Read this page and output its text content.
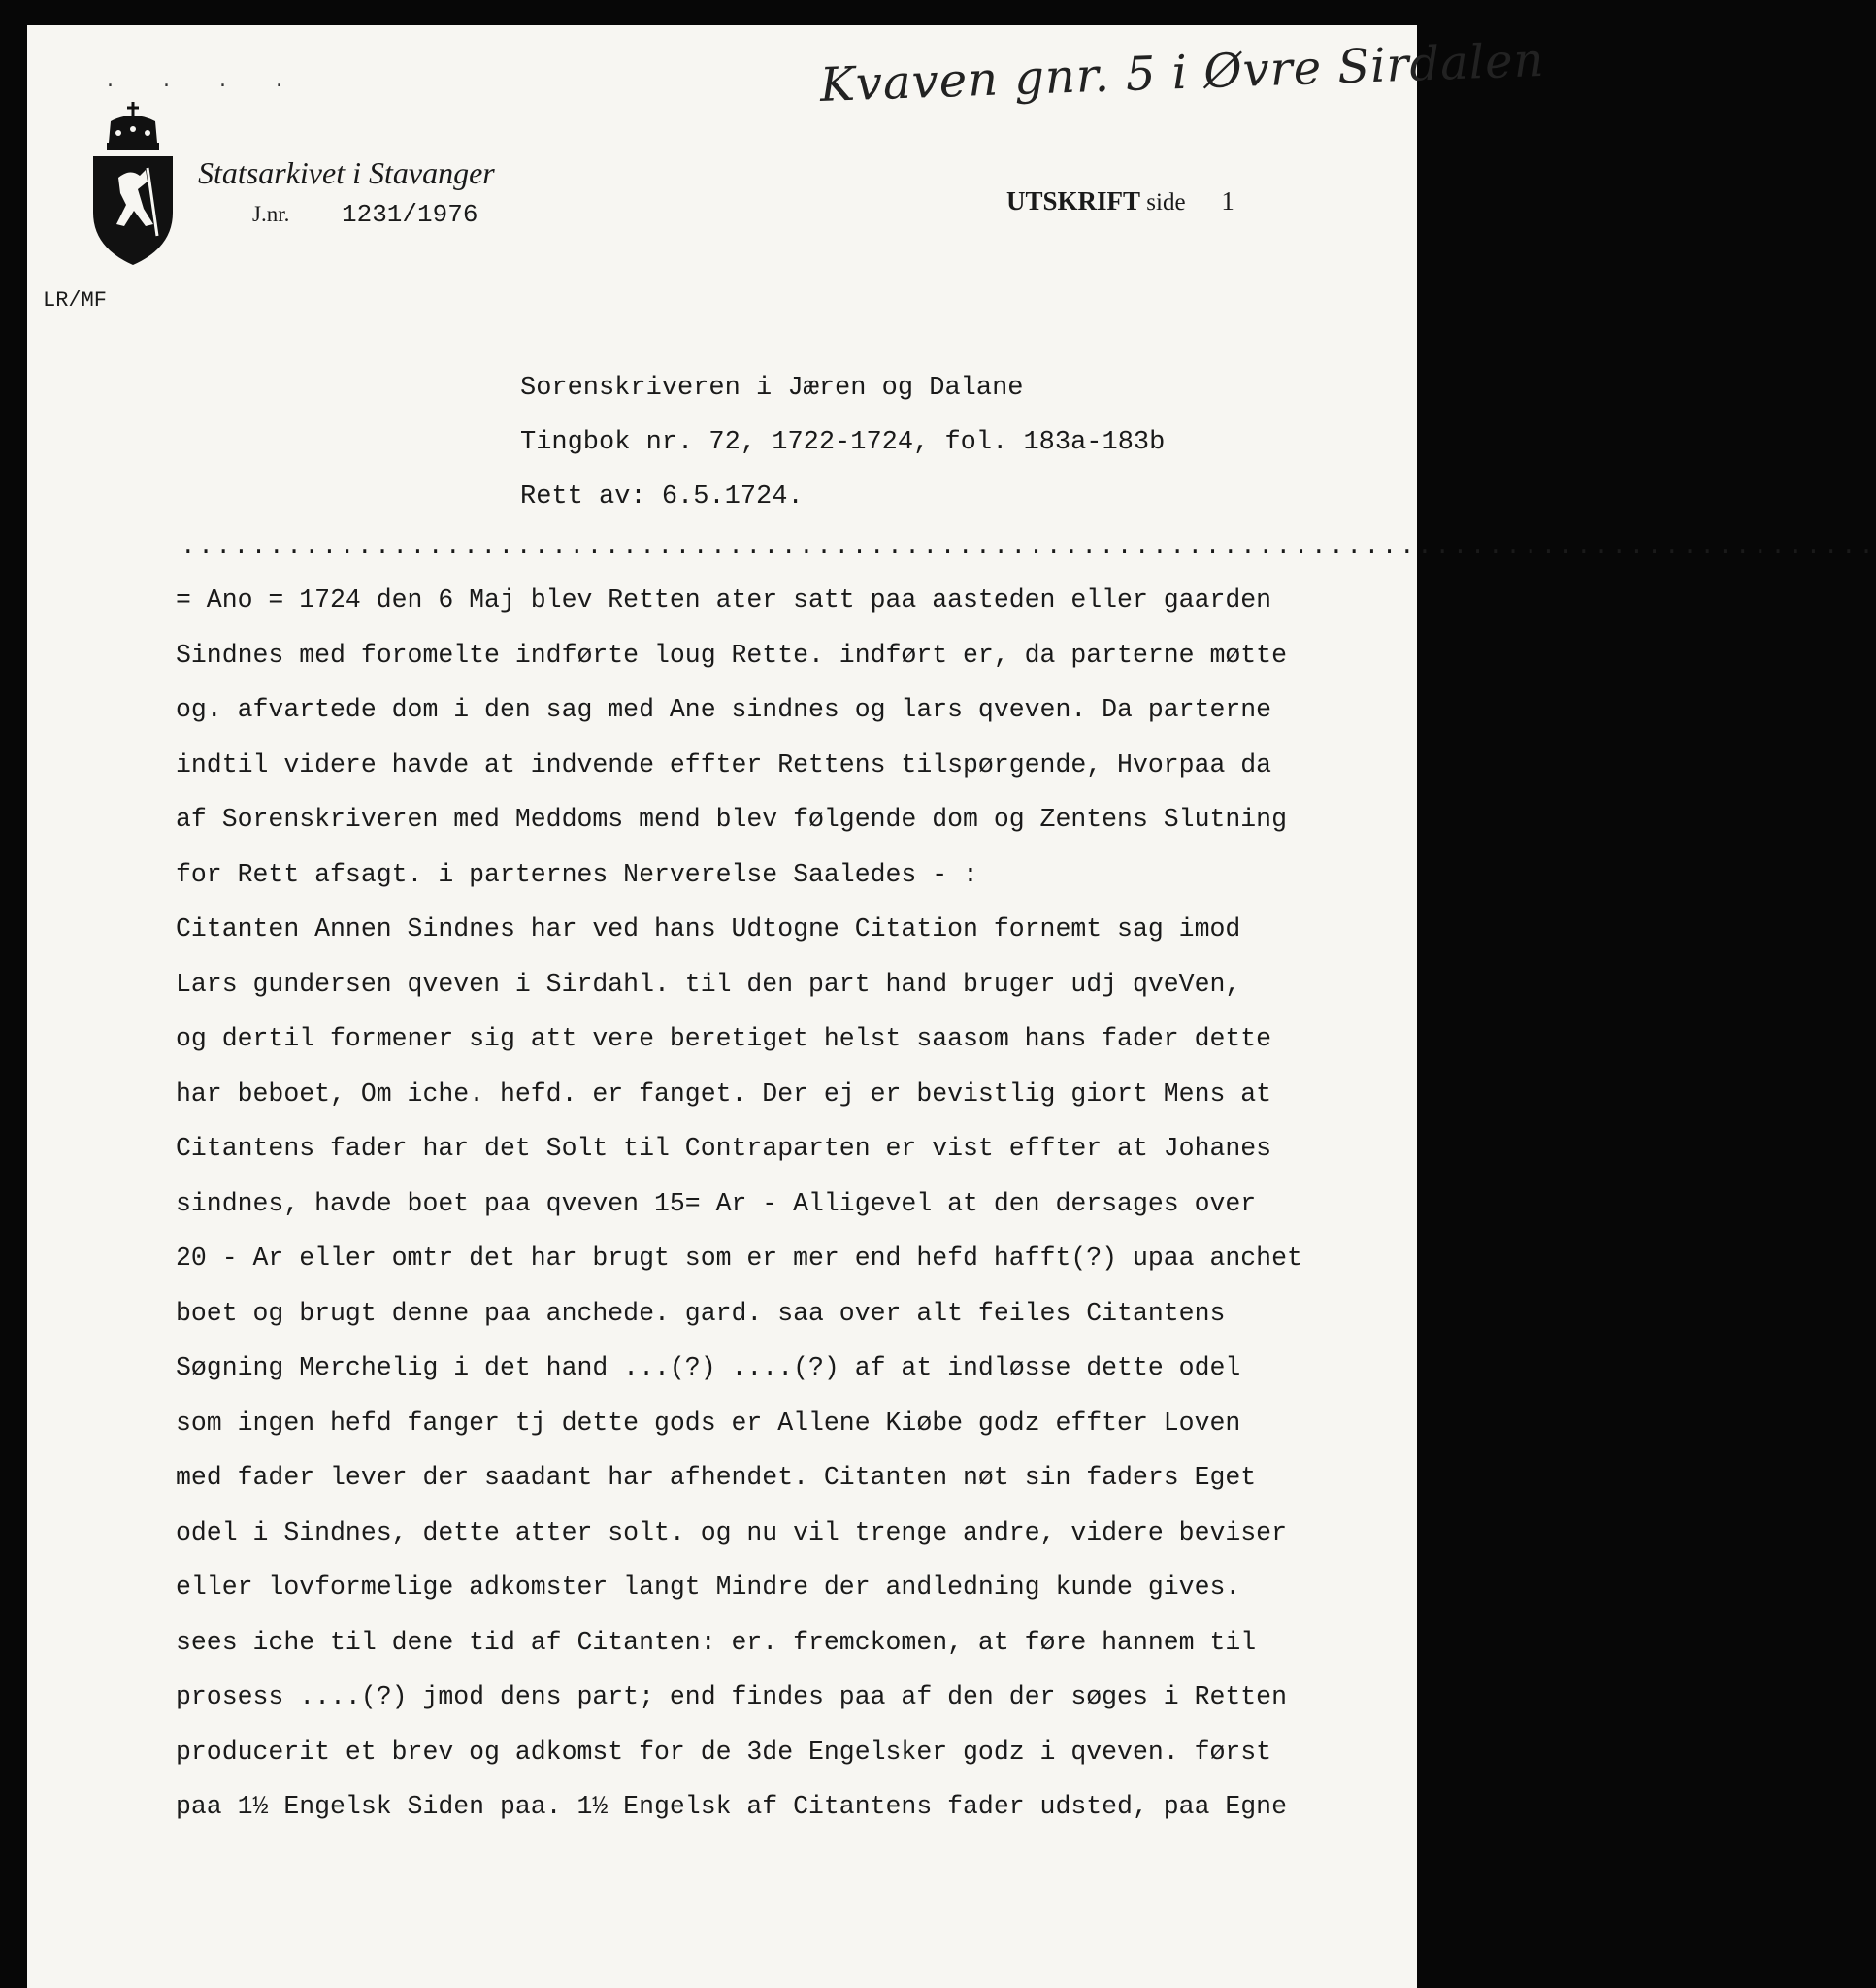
. . . .	Kvaven gnr. 5 i Øvre Sirdalen
Statsarkivet i Stavanger
J.nr. 1231/1976	UTSKRIFT side 1
LR/MF
Sorenskriveren i Jæren og Dalane
Tingbok nr. 72, 1722-1724, fol. 183a-183b
Rett av: 6.5.1724.
................................................................................................
= Ano = 1724 den 6 Maj blev Retten ater satt paa aasteden eller gaarden
Sindnes med foromelte indførte loug Rette. indført er, da parterne møtte
og. afvartede dom i den sag med Ane sindnes og lars qveven. Da parterne
indtil videre havde at indvende effter Rettens tilspørgende, Hvorpaa da
af Sorenskriveren med Meddoms mend blev følgende dom og Zentens Slutning
for Rett afsagt. i parternes Nerverelse Saaledes - :
Citanten Annen Sindnes har ved hans Udtogne Citation fornemt sag imod
Lars gundersen qveven i Sirdahl. til den part hand bruger udj qveVen,
og dertil formener sig att vere beretiget helst saasom hans fader dette
har beboet, Om iche. hefd. er fanget. Der ej er bevistlig giort Mens at
Citantens fader har det Solt til Contraparten er vist effter at Johanes
sindnes, havde boet paa qveven 15= Ar - Alligevel at den dersages over
20 - Ar eller omtr det har brugt som er mer end hefd hafft(?) upaa anchet
boet og brugt denne paa anchede. gard. saa over alt feiles Citantens
Søgning Merchelig i det hand ...(?) ....(?) af at indløsse dette odel
som ingen hefd fanger tj dette gods er Allene Kiøbe godz effter Loven
med fader lever der saadant har afhendet. Citanten nøt sin faders Eget
odel i Sindnes, dette atter solt. og nu vil trenge andre, videre beviser
eller lovformelige adkomster langt Mindre der andledning kunde gives.
sees iche til dene tid af Citanten: er. fremckomen, at føre hannem til
prosess ....(?) jmod dens part; end findes paa af den der søges i Retten
producerit et brev og adkomst for de 3de Engelsker godz i qveven. først
paa 1½ Engelsk Siden paa. 1½ Engelsk af Citantens fader udsted, paa Egne
